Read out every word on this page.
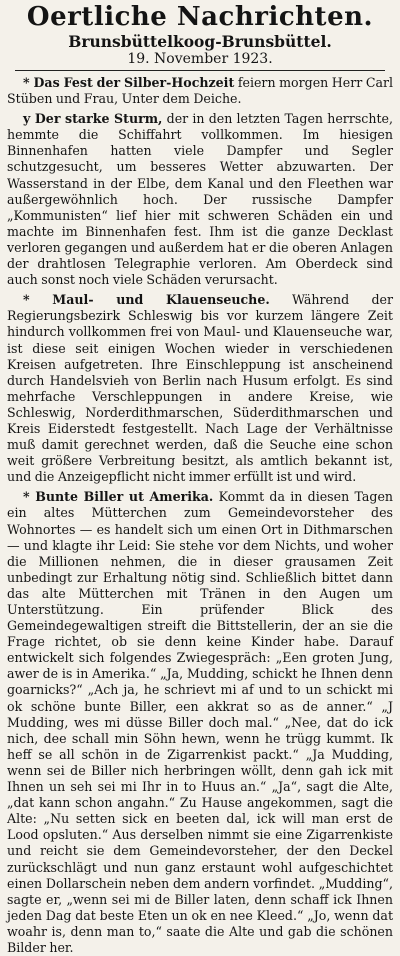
Oertliche Nachrichten.
Brunsbüttelkoog-Brunsbüttel.
19. November 1923.

* Das Fest der Silber-Hochzeit feiern morgen Herr Carl Stüben und Frau, Unter dem Deiche.

y Der starke Sturm, der in den letzten Tagen herrschte, hemmte die Schiffahrt vollkommen. Im hiesigen Binnenhafen hatten viele Dampfer und Segler schutzgesucht, um besseres Wetter abzuwarten. Der Wasserstand in der Elbe, dem Kanal und den Fleethen war außergewöhnlich hoch. Der russische Dampfer „Kommunisten“ lief hier mit schweren Schäden ein und machte im Binnenhafen fest. Ihm ist die ganze Decklast verloren gegangen und außerdem hat er die oberen Anlagen der drahtlosen Telegraphie verloren. Am Oberdeck sind auch sonst noch viele Schäden verursacht.

* Maul- und Klauenseuche. Während der Regierungsbezirk Schleswig bis vor kurzem längere Zeit hindurch vollkommen frei von Maul- und Klauenseuche war, ist diese seit einigen Wochen wieder in verschiedenen Kreisen aufgetreten. Ihre Einschleppung ist anscheinend durch Handelsvieh von Berlin nach Husum erfolgt. Es sind mehrfache Verschleppungen in andere Kreise, wie Schleswig, Norderdithmarschen, Süderdithmarschen und Kreis Eiderstedt festgestellt. Nach Lage der Verhältnisse muß damit gerechnet werden, daß die Seuche eine schon weit größere Verbreitung besitzt, als amtlich bekannt ist, und die Anzeigepflicht nicht immer erfüllt ist und wird.

* Bunte Biller ut Amerika. Kommt da in diesen Tagen ein altes Mütterchen zum Gemeindevorsteher des Wohnortes — es handelt sich um einen Ort in Dithmarschen — und klagte ihr Leid: Sie stehe vor dem Nichts, und woher die Millionen nehmen, die in dieser grausamen Zeit unbedingt zur Erhaltung nötig sind. Schließlich bittet dann das alte Mütterchen mit Tränen in den Augen um Unterstützung. Ein prüfender Blick des Gemeindegewaltigen streift die Bittstellerin, der an sie die Frage richtet, ob sie denn keine Kinder habe. Darauf entwickelt sich folgendes Zwiegespräch: „Een groten Jung, awer de is in Amerika.“ „Ja, Mudding, schickt he Ihnen denn goarnicks?“ „Ach ja, he schrievt mi af und to un schickt mi ok schöne bunte Biller, een akkrat so as de anner.“ „J Mudding, wes mi düsse Biller doch mal.“ „Nee, dat do ick nich, dee schall min Söhn hewn, wenn he trügg kummt. Ik heff se all schön in de Zigarrenkist packt.“ „Ja Mudding, wenn sei de Biller nich herbringen wöllt, denn gah ick mit Ihnen un seh sei mi Ihr in to Huus an.“ „Ja“, sagt die Alte, „dat kann schon angahn.“ Zu Hause angekommen, sagt die Alte: „Nu setten sick en beeten dal, ick will man erst de Lood opsluten.“ Aus derselben nimmt sie eine Zigarrenkiste und reicht sie dem Gemeindevorsteher, der den Deckel zurückschlägt und nun ganz erstaunt wohl aufgeschichtet einen Dollarschein neben dem andern vorfindet. „Mudding“, sagte er, „wenn sei mi de Biller laten, denn schaff ick Ihnen jeden Dag dat beste Eten un ok en nee Kleed.“ „Jo, wenn dat woahr is, denn man to,“ saate die Alte und gab die schönen Bilder her.
